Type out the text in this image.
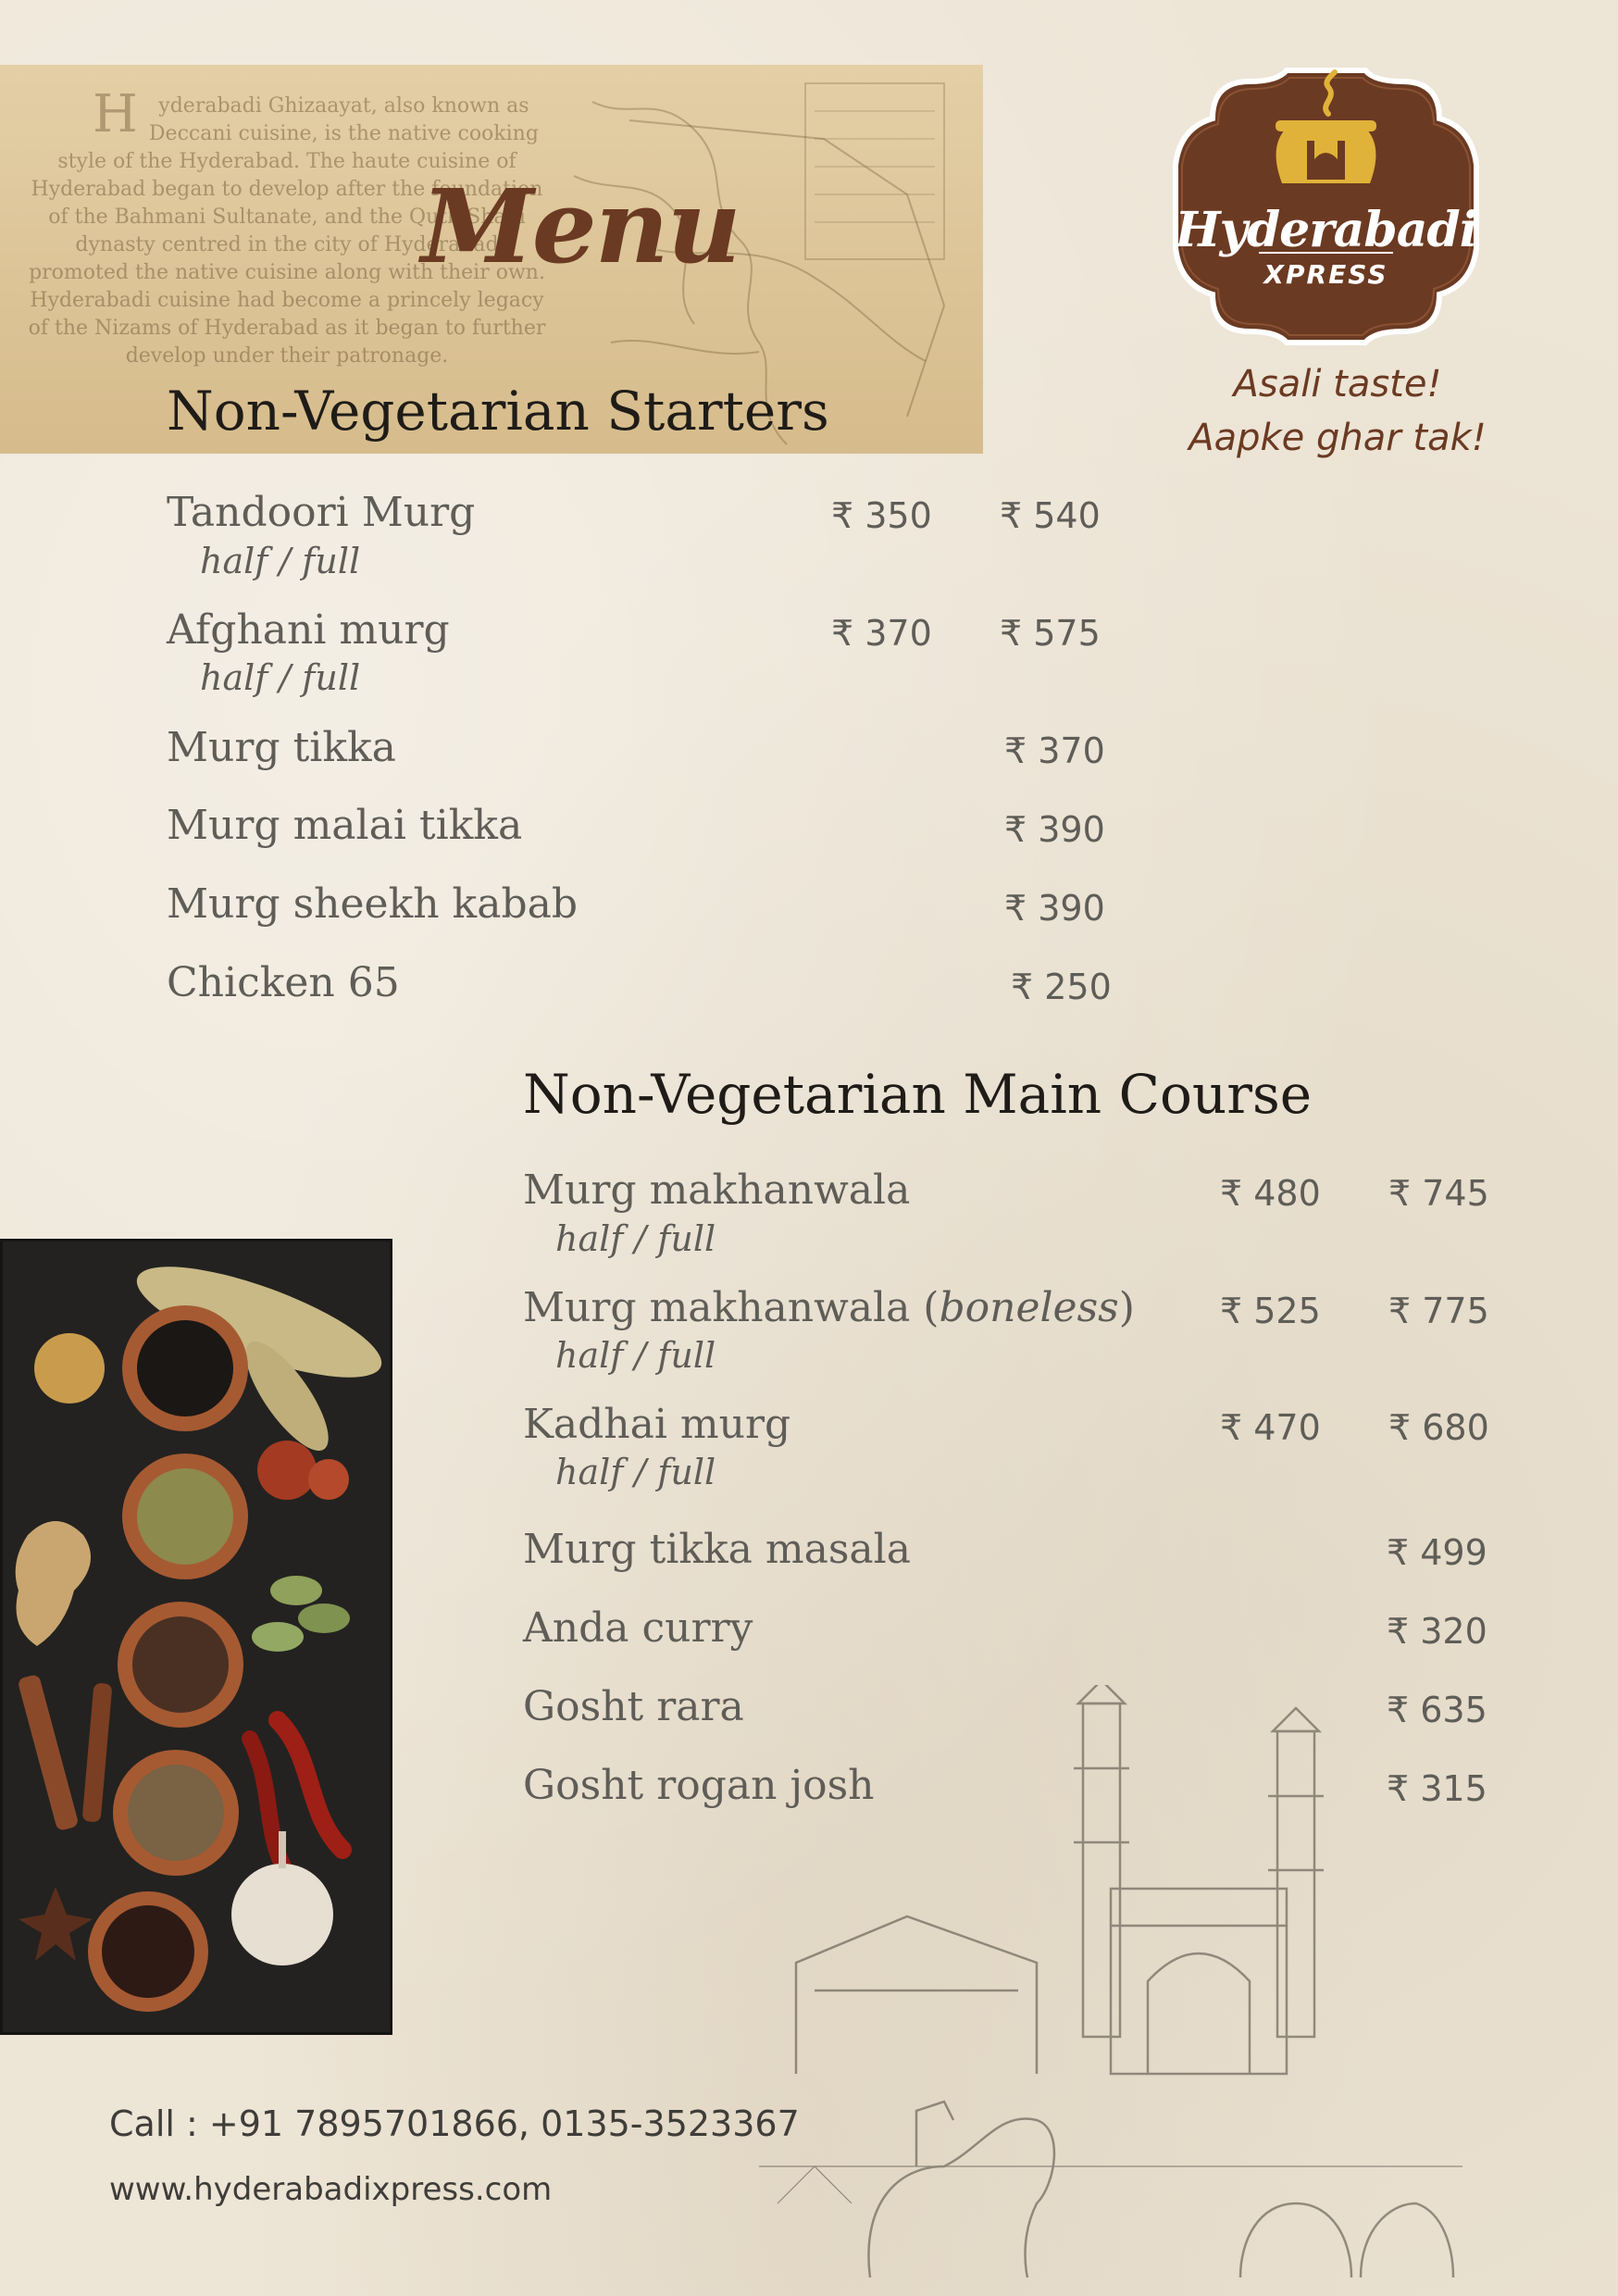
H yderabadi Ghizaayat, also known as Deccani cuisine, is the native cooking style of the Hyderabad. The haute cuisine of Hyderabad began to develop after the foundation of the Bahmani Sultanate, and the Qutb Shahi dynasty centred in the city of Hyderabad promoted the native cuisine along with their own. Hyderabadi cuisine had become a princely legacy of the Nizams of Hyderabad as it began to further develop under their patronage.
Menu
Non-Vegetarian Starters
Hyderabadi
XPRESS
Asali taste!
Aapke ghar tak!
Tandoori Murg
half / full
₹ 350 ₹ 540
Afghani murg
half / full
₹ 370 ₹ 575
Murg tikka	₹ 370
Murg malai tikka	₹ 390
Murg sheekh kabab	₹ 390
Chicken 65	₹ 250
Non-Vegetarian Main Course
Murg makhanwala
half / full
₹ 480 ₹ 745
Murg makhanwala (boneless)
half / full
₹ 525 ₹ 775
Kadhai murg
half / full
₹ 470 ₹ 680
Murg tikka masala	₹ 499
Anda curry	₹ 320
Gosht rara	₹ 635
Gosht rogan josh	₹ 315
Call : +91 7895701866, 0135-3523367
www.hyderabadixpress.com
